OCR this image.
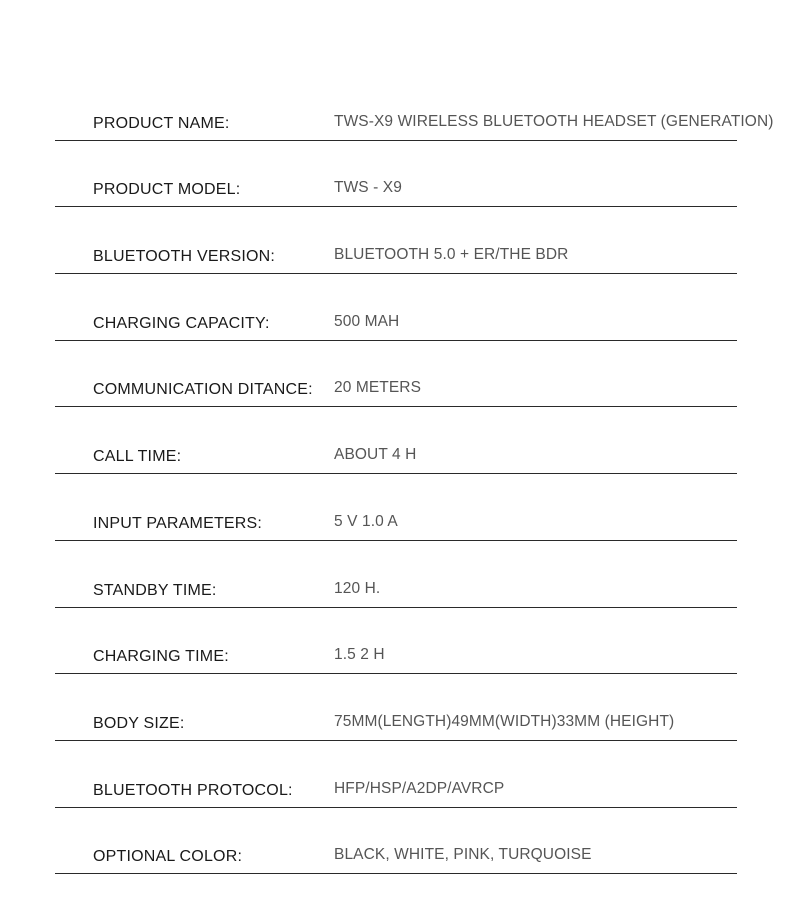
PRODUCT NAME:	TWS-X9 WIRELESS BLUETOOTH HEADSET (GENERATION)
PRODUCT MODEL:	TWS - X9
BLUETOOTH VERSION:	BLUETOOTH 5.0 + ER/THE BDR
CHARGING CAPACITY:	500 MAH
COMMUNICATION DITANCE: 20 METERS
CALL TIME:	ABOUT 4 H
INPUT PARAMETERS:	5 V 1.0 A
STANDBY TIME:	120 H.
CHARGING TIME:	1.5 2 H
BODY SIZE:	75MM(LENGTH)49MM(WIDTH)33MM (HEIGHT)
BLUETOOTH PROTOCOL:	HFP/HSP/A2DP/AVRCP
OPTIONAL COLOR:	BLACK, WHITE, PINK, TURQUOISE
